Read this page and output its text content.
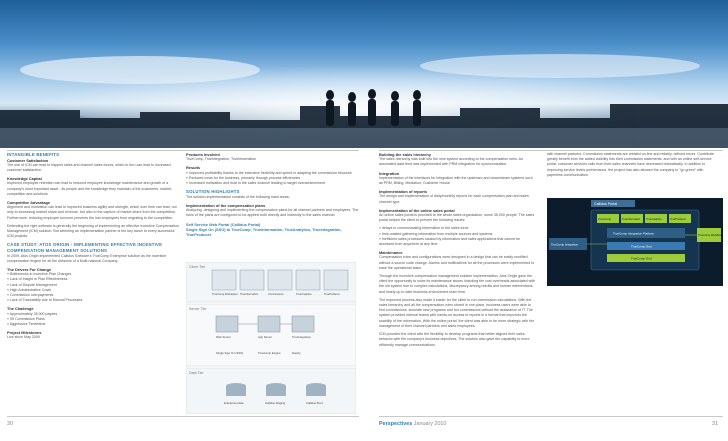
INTANGIBLE BENEFITS
Customer Satisfaction

The use of ICM can lead to happier sales and channel sales forces, which in turn can lead to increased customer satisfaction.

Knowledge Capital

Improved employee retention can lead to reduced employee knowledge maintenance and growth of a company's most important asset - its people and the knowledge they maintain of the customers, market, competition and solutions.

Competitive Advantage

Alignment and motivation can lead to improved business agility and strength, which over time can lead, not only to increasing market share and revenue, but also to the capture of market share from the competition. Furthermore, reducing employee turnover prevents the lost employees from migrating to the competition.

Defending the right software is generally the beginning of implementing an effective Incentive Compensation Management (ICM) solution. But selecting an implementation partner is the key factor to every successful ICM projects.

CASE STUDY: ATOS ORIGIN - IMPLEMENTING EFFECTIVE INCENTIVE COMPENSATION MANAGEMENT SOLUTIONS

In 2009, Atos Origin implemented Callidus Software's TrueComp Enterprise solution as the incentive compensation engine for all the divisions of a Multi-national Company.

The Drivers For Change
» Bottlenecks in Incentive Plan Changes
» Lack of Insight in Plan Effectiveness
» Lack of Dispute Management
» High Administrative Costs
» Commission overpayments
» Lack of Traceability due to Manual Processes
The Challenge
» Approximately 35,000 payees
» 95 Commission Plans
» Aggressive Timeframe
Project Milestones

Live since May 2009

Products Involved

TrueComp, TrueIntegration, TrueInformation

Results
» Improved profitability thanks to the extensive flexibility and speed in adapting the commission structure
» Reduced costs for the business, primarily through process efficiencies
» Increased motivation and trust in the sales channel leading to target overachievement
SOLUTION HIGHLIGHTS

The solution implementation consists of the following main areas:

Implementation of the compensation plans

Analyzing, designing and implementing the compensation plans for all channel partners and employees. The rules of the plans are configured to be applied both directly and indirectly to the sales channel.

Self Service Web Portal (Callidus Portal)
Single Sign On (SSO) to TrueComp, TrueInformation, TrueAnalytics, TrueIntegration, TrueProducer
Client Tier
Server Tier
Data Tier
TrueComp Workspace TrueInformation	Commissions	TrueAnalytics	TrueProducer
Web Server	App Server	TrueIntegration
Single Sign On (SSO)	TrueComp Engine	Deploy
Enterprise Data	Callidus Staging	Callidus Prod
Building the sales hierarchy

The sales hierarchy was built into the new system according to the compensation rules. An automated data feed was implemented with PRM integration for synchronization.

Integration

Implementation of the interfaces for integration with the upstream and downstream systems such as PRM, Billing, Mediation, Customer House.

Implementation of reports

The design and implementation of daily/monthly reports for each compensation plan and sales channel type.

Implementation of the online sales portal

An online sales portal is provided to the whole sales organization, some 35,000 people. The sales portal helped the client to prevent the following issues:

» delays in communicating information to the sales force
» time-wasted gathering information from multiple sources and systems
» inefficient sales processes caused by information and sales applications that cannot be accessed from anywhere at any time
Maintenance

Compensation rules and configurations were designed in a design that can be easily modified without a source code change. Alarms and notifications for all the processes were implemented to ease the operational tasks.

Through the incentive compensation management solution implementation, Atos Origin gave the client the opportunity to solve its maintenance issues including the cost overheads associated with the old system due to complex calculations, discrepancy among results and human interventions, and timely up to date business environment team time.

The improved process also made it easier for the client to run commission calculations. With the sales hierarchy and all the compensation rules stored in one place, business users were able to find commissions, simulate new programs and run commissions without the assistance of IT. The system provided internal teams with hands-on access to reports in a format that improves the usability of the information. With the online portal, the client was able to be more strategic with the management of their channel partners and sales employees.

ICM provided the client with the flexibility to develop programs that better aligned their sales behavior with the company's business objectives. The solution also gave the capability to more efficiently manage communications

with channel partners. Commission statements are created on-line and reliably, without errors. Contribute greatly benefit from the added visibility into their commission statements, and with an online self-service portal, customer services calls from their sales channels have decreased dramatically. In addition to improving service levels performance, the project has also allowed the company to "go green" with paperless communication.

Callidus Portal
TrueComp	TrueInformation TrueAnalytics	TrueProducer
TrueComp Integration Platform
TrueComp Grid
TrueComp Grid
TrueComp Integration
TrueComp Workflow
30	Perspectives January 2010	31
